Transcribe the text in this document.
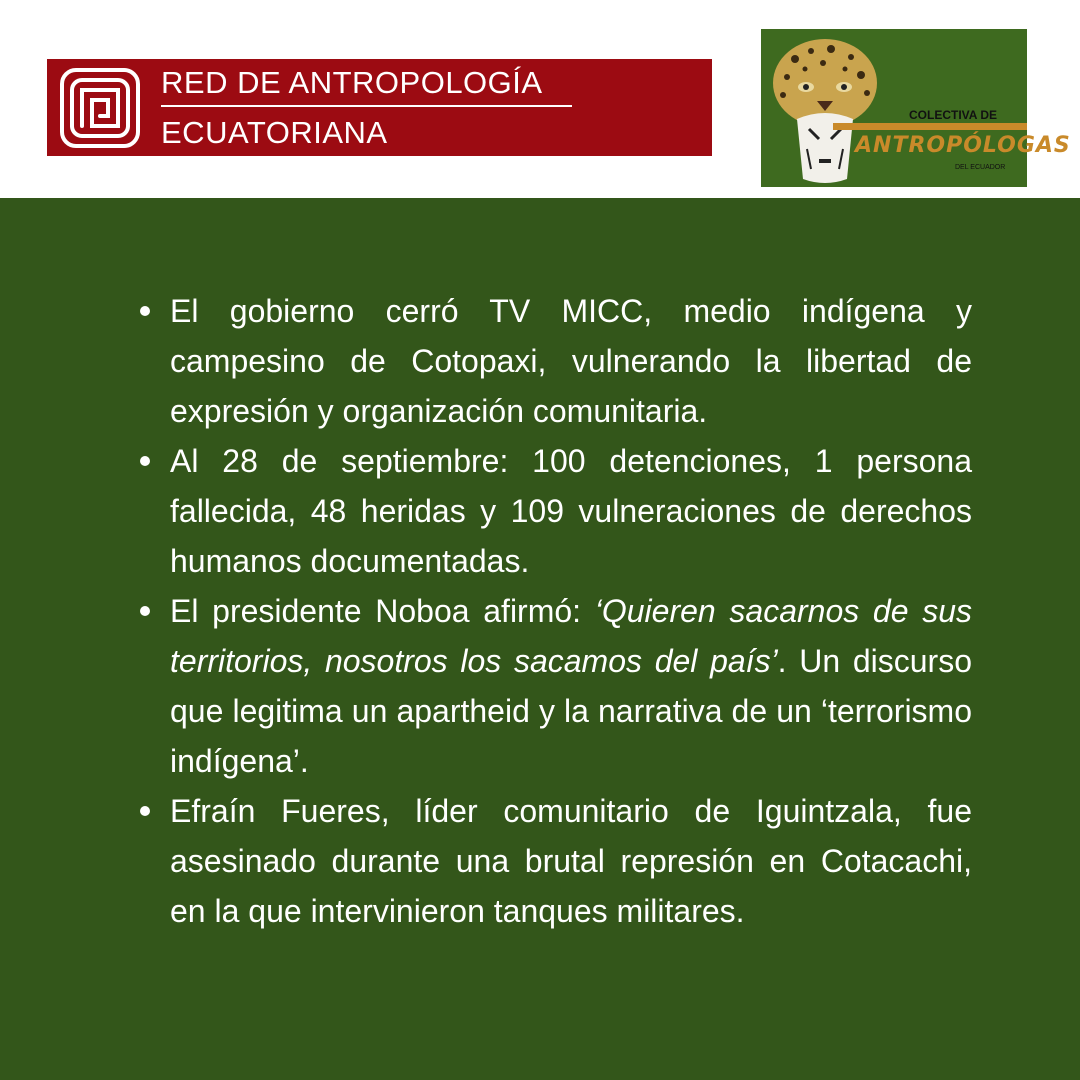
RED DE ANTROPOLOGÍA
ECUATORIANA	COLECTIVA DE
ANTROPÓLOGAS
DEL ECUADOR
El gobierno cerró TV MICC, medio indígena y campesino de Cotopaxi, vulnerando la libertad de expresión y organización comunitaria.
Al 28 de septiembre: 100 detenciones, 1 persona fallecida, 48 heridas y 109 vulneraciones de derechos humanos documentadas.
El presidente Noboa afirmó: ‘Quieren sacarnos de sus territorios, nosotros los sacamos del país’. Un discurso que legitima un apartheid y la narrativa de un ‘terrorismo indígena’.
Efraín Fueres, líder comunitario de Iguintzala, fue asesinado durante una brutal represión en Cotacachi, en la que intervinieron tanques militares.
